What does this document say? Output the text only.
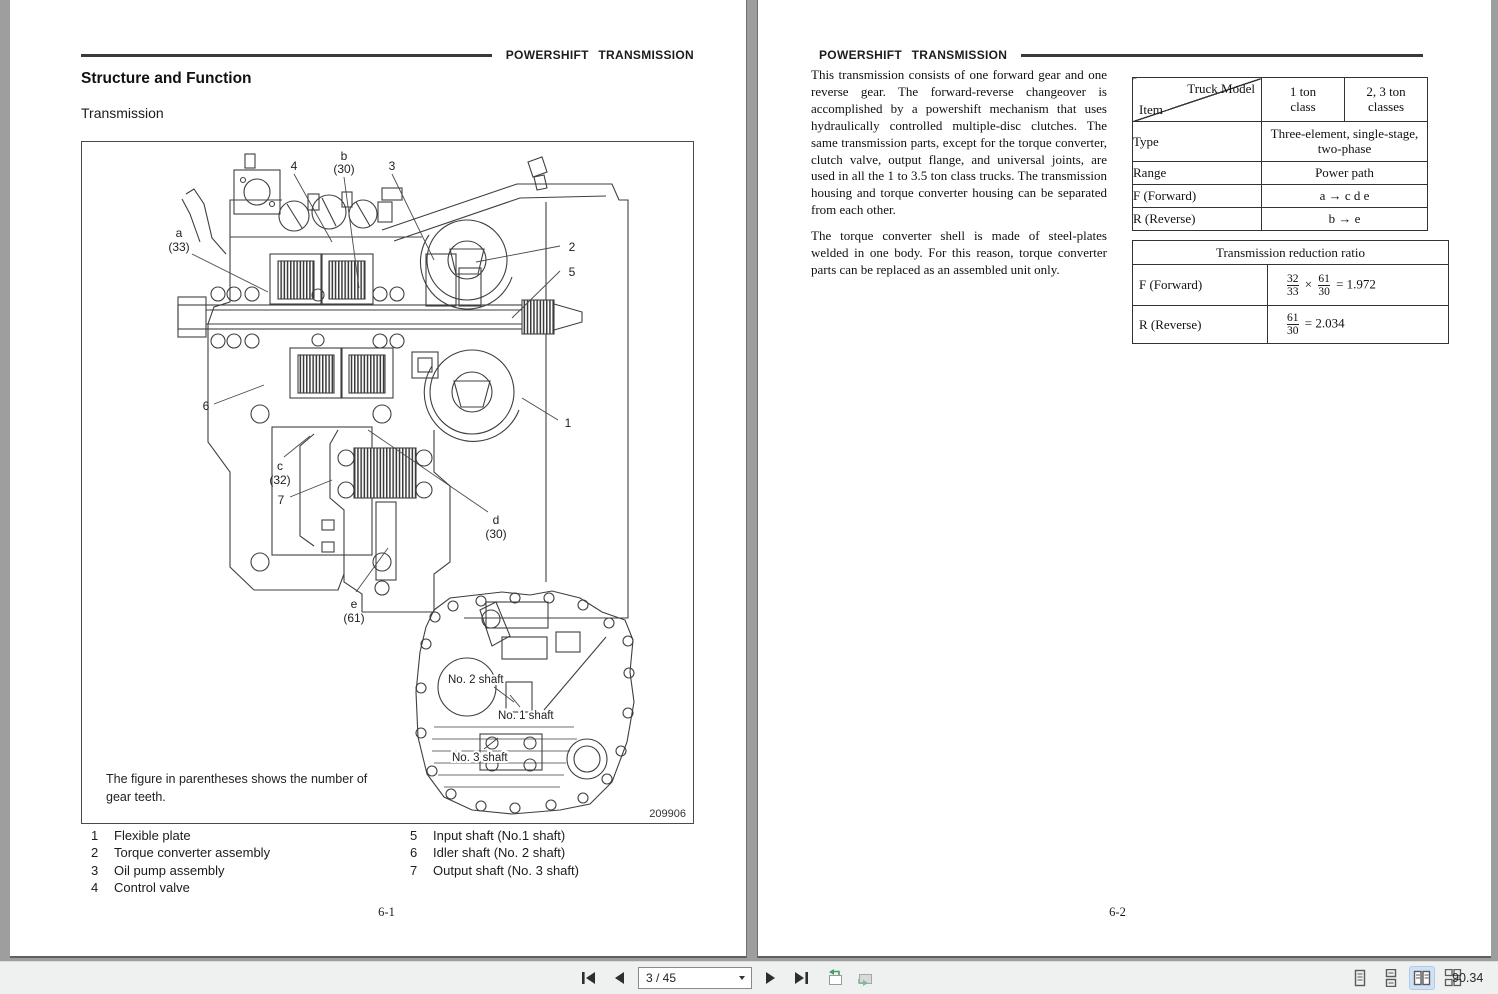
POWERSHIFT TRANSMISSION
Structure and Function
Transmission
4
b
(30)	3
a
(33)	2
5
6
1
c
(32)
7
d
(30)
e
(61)
No. 2 shaft
No. 1 shaft
No. 3 shaft
209906
The figure in parentheses shows the number of gear teeth.
1	Flexible plate
2	Torque converter assembly
3	Oil pump assembly
4	Control valve
5	Input shaft (No.1 shaft)
6	Idler shaft (No. 2 shaft)
7	Output shaft (No. 3 shaft)
6-1
POWERSHIFT TRANSMISSION

This transmission consists of one forward gear and one reverse gear. The forward-reverse changeover is accomplished by a powershift mechanism that uses hydraulically controlled multiple-disc clutches. The same transmission parts, except for the torque converter, clutch valve, output flange, and universal joints, are used in all the 1 to 3.5 ton class trucks. The transmission housing and torque converter housing can be separated from each other.

The torque converter shell is made of steel-plates welded in one body. For this reason, torque converter parts can be replaced as an assembled unit only.

Truck Model
Item	1 ton class	2, 3 ton classes
Type	Three-element, single-stage, two-phase	
Range	Power path	
F (Forward)	a → c d e	
R (Reverse)	b → e	
Transmission reduction ratio	
F (Forward)	$\frac{32}{33} \times \frac{61}{30} = 1.972$
R (Reverse)	$\frac{61}{30} = 2.034$
6-2
3 / 45	90.34
